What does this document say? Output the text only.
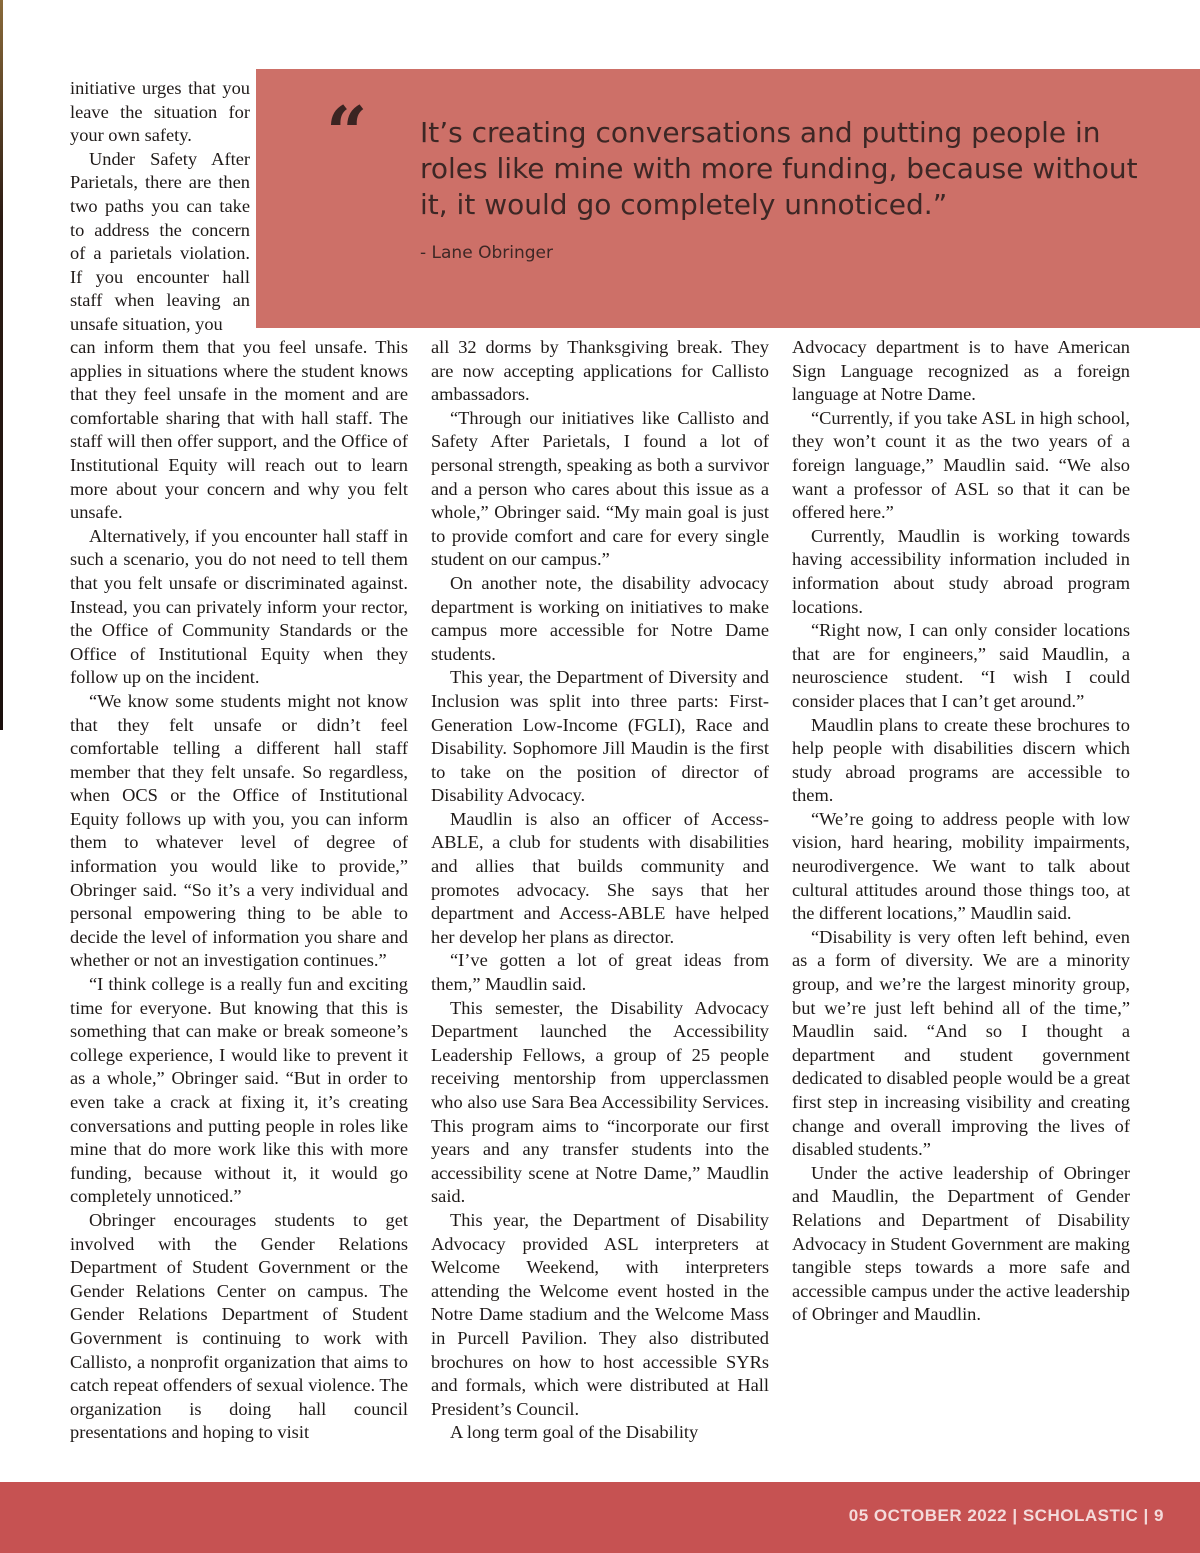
“ It’s creating conversations and putting people in roles like mine with more funding, because without it, it would go completely unnoticed.”
- Lane Obringer

initiative urges that you leave the situation for your own safety.

Under Safety After Parietals, there are then two paths you can take to address the concern of a parietals violation. If you encounter hall staff when leaving an unsafe situation, you

can inform them that you feel unsafe. This applies in situations where the student knows that they feel unsafe in the moment and are comfortable sharing that with hall staff. The staff will then offer support, and the Office of Institutional Equity will reach out to learn more about your concern and why you felt unsafe.

Alternatively, if you encounter hall staff in such a scenario, you do not need to tell them that you felt unsafe or discriminated against. Instead, you can privately inform your rector, the Office of Community Standards or the Office of Institutional Equity when they follow up on the incident.

“We know some students might not know that they felt unsafe or didn’t feel comfortable telling a different hall staff member that they felt unsafe. So regardless, when OCS or the Office of Institutional Equity follows up with you, you can inform them to whatever level of degree of information you would like to provide,” Obringer said. “So it’s a very individual and personal empowering thing to be able to decide the level of information you share and whether or not an investigation continues.”

“I think college is a really fun and exciting time for everyone. But knowing that this is something that can make or break someone’s college experience, I would like to prevent it as a whole,” Obringer said. “But in order to even take a crack at fixing it, it’s creating conversations and putting people in roles like mine that do more work like this with more funding, because without it, it would go completely unnoticed.”

Obringer encourages students to get involved with the Gender Relations Department of Student Government or the Gender Relations Center on campus. The Gender Relations Department of Student Government is continuing to work with Callisto, a nonprofit organization that aims to catch repeat offenders of sexual violence. The organization is doing hall council presentations and hoping to visit

all 32 dorms by Thanksgiving break. They are now accepting applications for Callisto ambassadors.

“Through our initiatives like Callisto and Safety After Parietals, I found a lot of personal strength, speaking as both a survivor and a person who cares about this issue as a whole,” Obringer said. “My main goal is just to provide comfort and care for every single student on our campus.”

On another note, the disability advocacy department is working on initiatives to make campus more accessible for Notre Dame students.

This year, the Department of Diversity and Inclusion was split into three parts: First-Generation Low-Income (FGLI), Race and Disability. Sophomore Jill Maudin is the first to take on the position of director of Disability Advocacy.

Maudlin is also an officer of Access-ABLE, a club for students with disabilities and allies that builds community and promotes advocacy. She says that her department and Access-ABLE have helped her develop her plans as director.

“I’ve gotten a lot of great ideas from them,” Maudlin said.

This semester, the Disability Advocacy Department launched the Accessibility Leadership Fellows, a group of 25 people receiving mentorship from upperclassmen who also use Sara Bea Accessibility Services. This program aims to “incorporate our first years and any transfer students into the accessibility scene at Notre Dame,” Maudlin said.

This year, the Department of Disability Advocacy provided ASL interpreters at Welcome Weekend, with interpreters attending the Welcome event hosted in the Notre Dame stadium and the Welcome Mass in Purcell Pavilion. They also distributed brochures on how to host accessible SYRs and formals, which were distributed at Hall President’s Council.

A long term goal of the Disability

Advocacy department is to have American Sign Language recognized as a foreign language at Notre Dame.

“Currently, if you take ASL in high school, they won’t count it as the two years of a foreign language,” Maudlin said. “We also want a professor of ASL so that it can be offered here.”

Currently, Maudlin is working towards having accessibility information included in information about study abroad program locations.

“Right now, I can only consider locations that are for engineers,” said Maudlin, a neuroscience student. “I wish I could consider places that I can’t get around.”

Maudlin plans to create these brochures to help people with disabilities discern which study abroad programs are accessible to them.

“We’re going to address people with low vision, hard hearing, mobility impairments, neurodivergence. We want to talk about cultural attitudes around those things too, at the different locations,” Maudlin said.

“Disability is very often left behind, even as a form of diversity. We are a minority group, and we’re the largest minority group, but we’re just left behind all of the time,” Maudlin said. “And so I thought a department and student government dedicated to disabled people would be a great first step in increasing visibility and creating change and overall improving the lives of disabled students.”

Under the active leadership of Obringer and Maudlin, the Department of Gender Relations and Department of Disability Advocacy in Student Government are making tangible steps towards a more safe and accessible campus under the active leadership of Obringer and Maudlin.

05 OCTOBER 2022 | SCHOLASTIC | 9
